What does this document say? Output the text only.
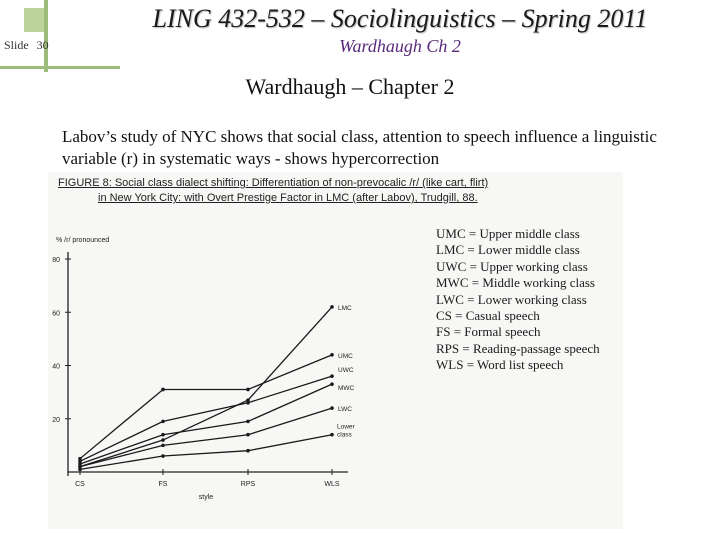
Slide 30
LING 432-532 – Sociolinguistics – Spring 2011
Wardhaugh Ch 2
Wardhaugh – Chapter 2
Labov’s study of NYC shows that social class, attention to speech influence a linguistic variable (r) in systematic ways - shows hypercorrection
FIGURE 8: Social class dialect shifting: Differentiation of non-prevocalic /r/ (like cart, flirt)
in New York City: with Overt Prestige Factor in LMC (after Labov), Trudgill, 88.
UMC = Upper middle class
LMC = Lower middle class
UWC = Upper working class
MWC = Middle working class
LWC = Lower working class
CS = Casual speech
FS = Formal speech
RPS = Reading-passage speech
WLS = Word list speech
% /r/ pronounced
20
40
60
80
CS	FS	RPS	WLS
style
LMC
UMC
UWC
MWC
LWC
Lower
class
